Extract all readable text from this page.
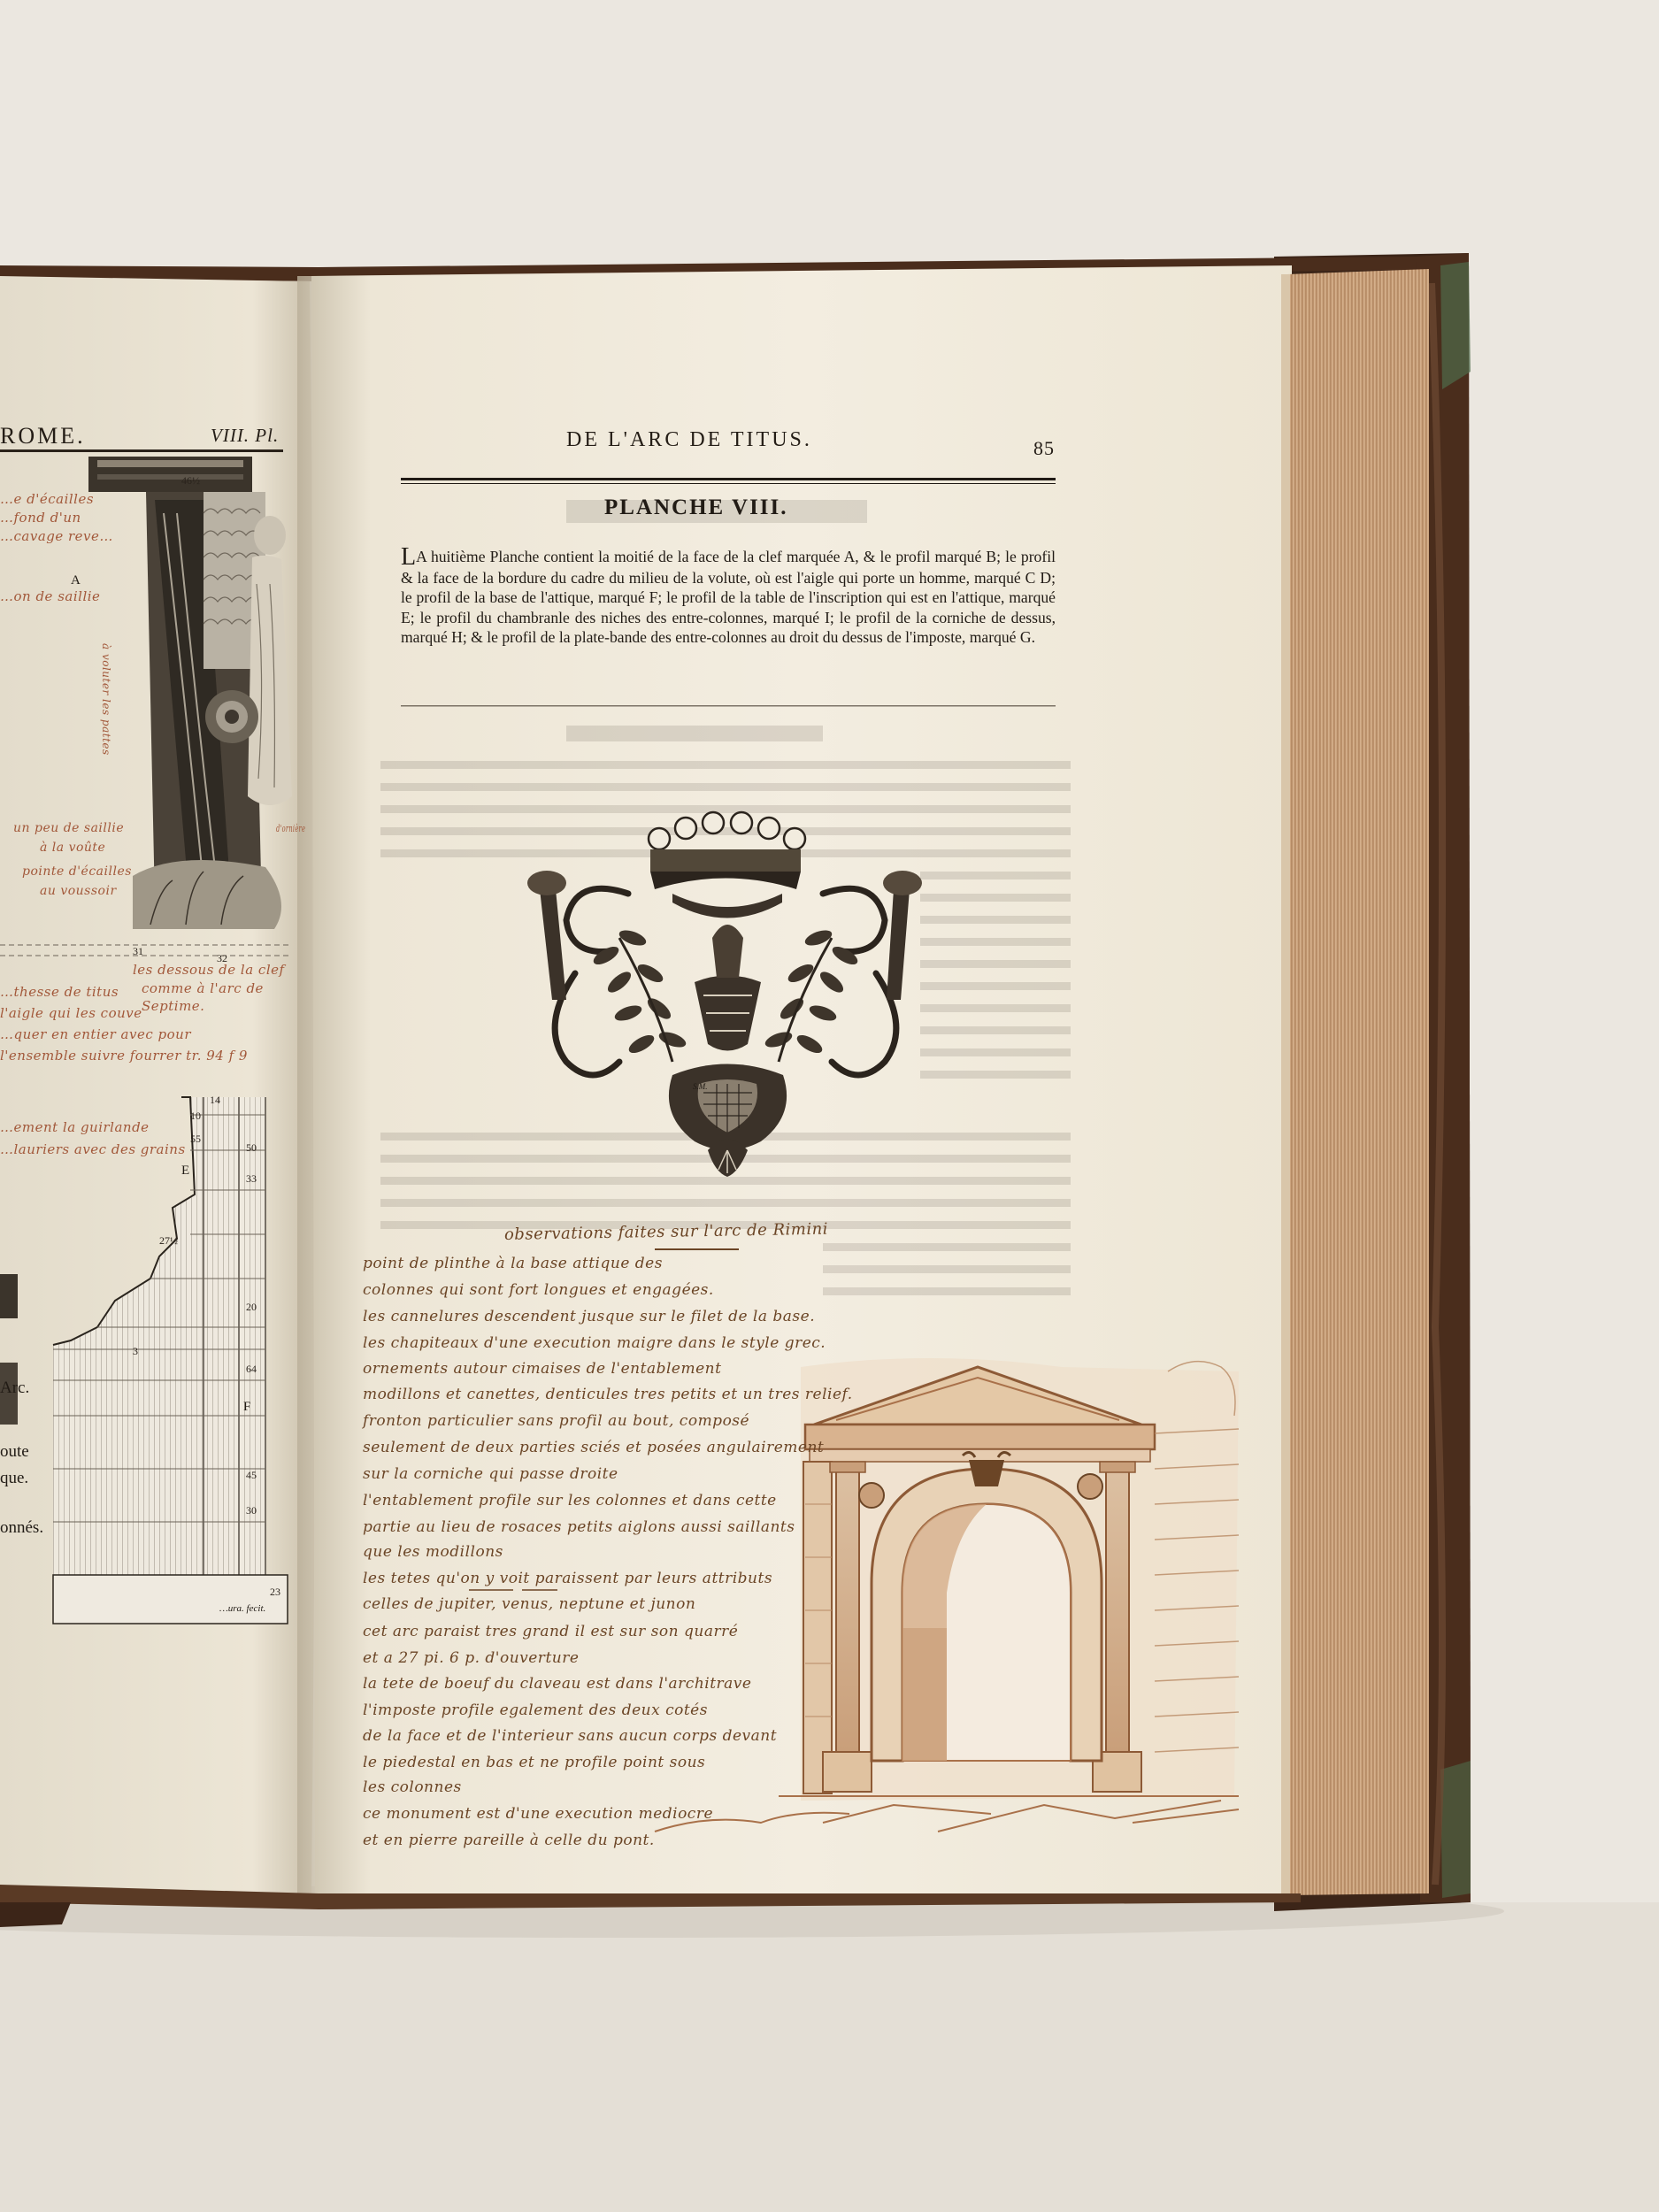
ROME.	VIII. Pl.
A
E
F
46½
31
32
14
10
55
50
33
27½
3
20
64
45
30
23
Arc.
oute
que.
onnés.
…ura. fecit.
…e d'écailles
…fond d'un
…cavage reve…
…on de saillie
un peu de saillie
à la voûte
pointe d'écailles
au voussoir
à voluter les pattes
d'ornière
les dessous de la clef
comme à l'arc de
Septime.
…thesse de titus
l'aigle qui les couve
…quer en entier avec pour
l'ensemble suivre fourrer tr. 94 f 9
…ement la guirlande
…lauriers avec des grains
DE L'ARC DE TITUS.	85
PLANCHE VIII.
LA huitième Planche contient la moitié de la face de la clef marquée A, & le profil marqué B; le profil & la face de la bordure du cadre du milieu de la volute, où est l'aigle qui porte un homme, marqué C D; le profil de la base de l'attique, marqué F; le profil de la table de l'inscription qui est en l'attique, marqué E; le profil du chambranle des niches des entre-colonnes, marqué I; le profil de la corniche de dessus, marqué H; & le profil de la plate-bande des entre-colonnes au droit du dessus de l'imposte, marqué G.
S.M.
observations faites sur l'arc de Rimini
point de plinthe à la base attique des
colonnes qui sont fort longues et engagées.
les cannelures descendent jusque sur le filet de la base.
les chapiteaux d'une execution maigre dans le style grec.
ornements autour cimaises de l'entablement
modillons et canettes, denticules tres petits et un tres relief.
fronton particulier sans profil au bout, composé
seulement de deux parties sciés et posées angulairement
sur la corniche qui passe droite
l'entablement profile sur les colonnes et dans cette
partie au lieu de rosaces petits aiglons aussi saillants
que les modillons
les tetes qu'on y voit paraissent par leurs attributs
celles de jupiter, venus, neptune et junon
cet arc paraist tres grand il est sur son quarré
et a 27 pi. 6 p. d'ouverture
la tete de boeuf du claveau est dans l'architrave
l'imposte profile egalement des deux cotés
de la face et de l'interieur sans aucun corps devant
le piedestal en bas et ne profile point sous
les colonnes
ce monument est d'une execution mediocre
et en pierre pareille à celle du pont.
